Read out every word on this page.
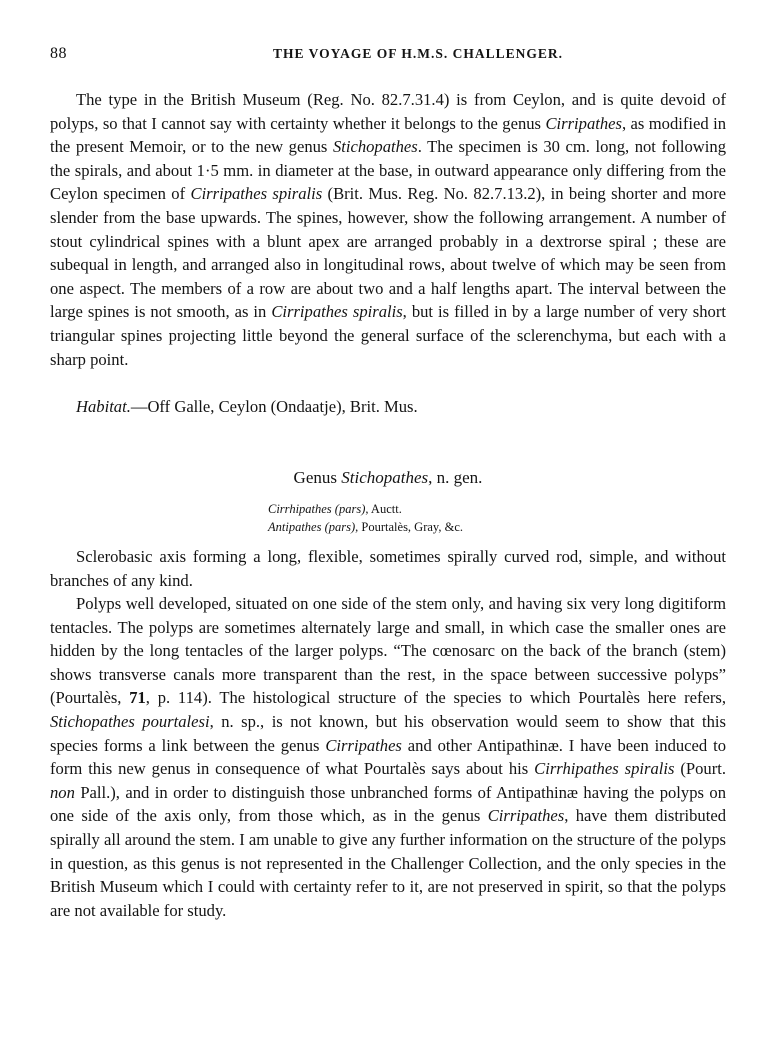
88	THE VOYAGE OF H.M.S. CHALLENGER.

The type in the British Museum (Reg. No. 82.7.31.4) is from Ceylon, and is quite devoid of polyps, so that I cannot say with certainty whether it belongs to the genus Cirripathes, as modified in the present Memoir, or to the new genus Stichopathes. The specimen is 30 cm. long, not following the spirals, and about 1·5 mm. in diameter at the base, in outward appearance only differing from the Ceylon specimen of Cirripathes spiralis (Brit. Mus. Reg. No. 82.7.13.2), in being shorter and more slender from the base upwards. The spines, however, show the following arrangement. A number of stout cylindrical spines with a blunt apex are arranged probably in a dextrorse spiral ; these are subequal in length, and arranged also in longitudinal rows, about twelve of which may be seen from one aspect. The members of a row are about two and a half lengths apart. The interval between the large spines is not smooth, as in Cirripathes spiralis, but is filled in by a large number of very short triangular spines projecting little beyond the general surface of the sclerenchyma, but each with a sharp point.

Habitat.—Off Galle, Ceylon (Ondaatje), Brit. Mus.
Genus Stichopathes, n. gen.
Cirrhipathes (pars), Auctt.
Antipathes (pars), Pourtalès, Gray, &c.

Sclerobasic axis forming a long, flexible, sometimes spirally curved rod, simple, and without branches of any kind.

Polyps well developed, situated on one side of the stem only, and having six very long digitiform tentacles. The polyps are sometimes alternately large and small, in which case the smaller ones are hidden by the long tentacles of the larger polyps. “The cœnosarc on the back of the branch (stem) shows transverse canals more transparent than the rest, in the space between successive polyps” (Pourtalès, 71, p. 114). The histological structure of the species to which Pourtalès here refers, Stichopathes pourtalesi, n. sp., is not known, but his observation would seem to show that this species forms a link between the genus Cirripathes and other Antipathinæ. I have been induced to form this new genus in consequence of what Pourtalès says about his Cirrhipathes spiralis (Pourt. non Pall.), and in order to distinguish those unbranched forms of Antipathinæ having the polyps on one side of the axis only, from those which, as in the genus Cirripathes, have them distributed spirally all around the stem. I am unable to give any further information on the structure of the polyps in question, as this genus is not represented in the Challenger Collection, and the only species in the British Museum which I could with certainty refer to it, are not preserved in spirit, so that the polyps are not available for study.
